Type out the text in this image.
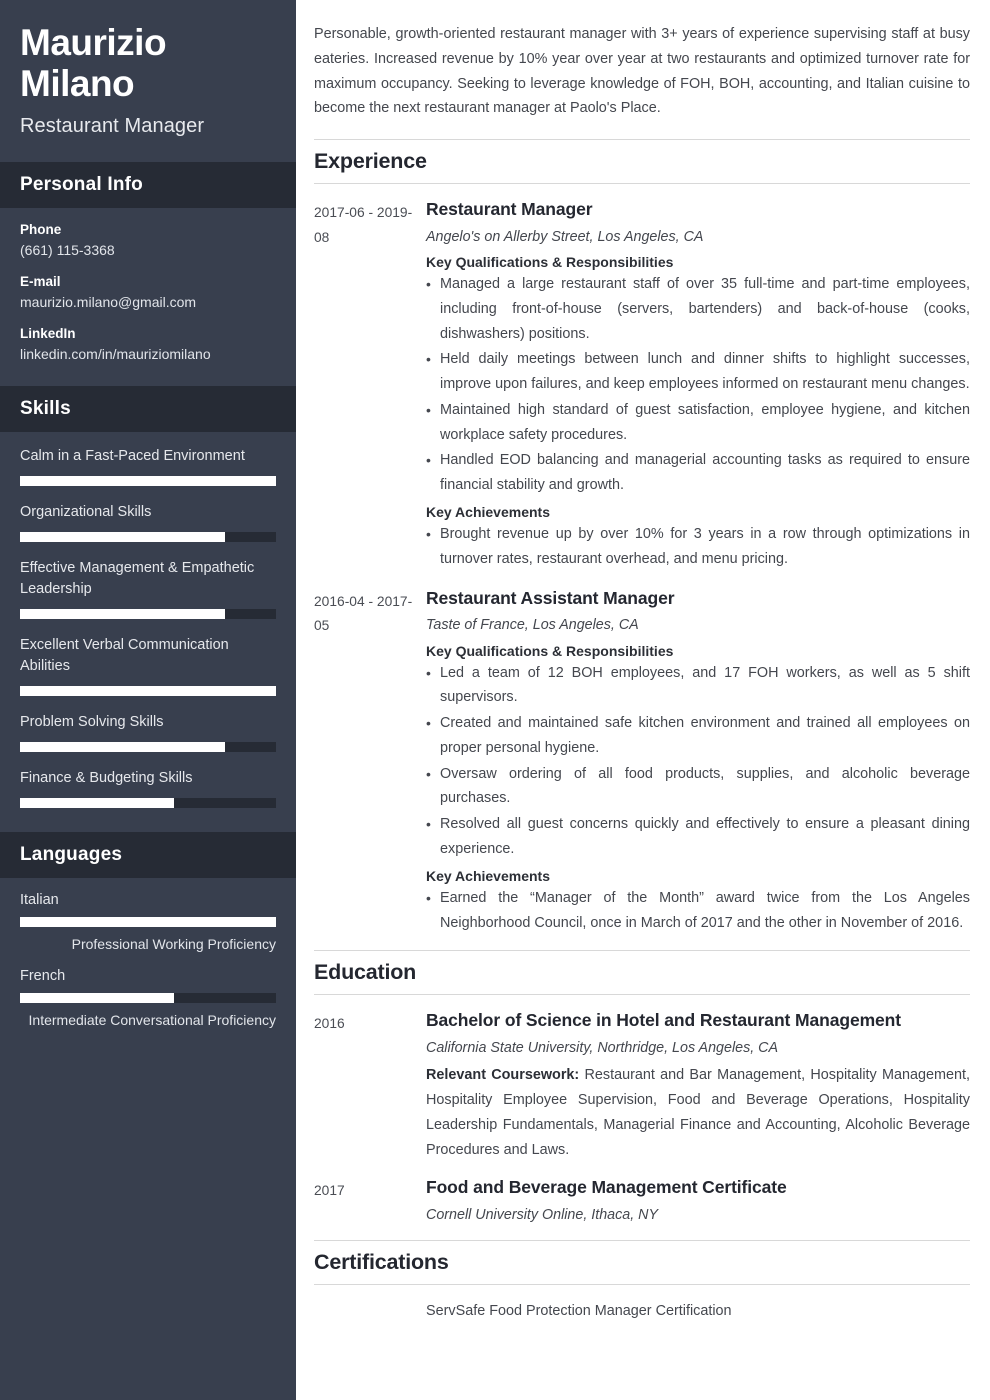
Maurizio Milano
Restaurant Manager
Personal Info
Phone
(661) 115-3368
E-mail
maurizio.milano@gmail.com
LinkedIn
linkedin.com/in/mauriziomilano
Skills
Calm in a Fast-Paced Environment
Organizational Skills
Effective Management & Empathetic Leadership
Excellent Verbal Communication Abilities
Problem Solving Skills
Finance & Budgeting Skills
Languages
Italian
Professional Working Proficiency
French
Intermediate Conversational Proficiency

Personable, growth-oriented restaurant manager with 3+ years of experience supervising staff at busy eateries. Increased revenue by 10% year over year at two restaurants and optimized turnover rate for maximum occupancy. Seeking to leverage knowledge of FOH, BOH, accounting, and Italian cuisine to become the next restaurant manager at Paolo's Place.

Experience
2017-06 - 2019-08
Restaurant Manager
Angelo's on Allerby Street, Los Angeles, CA
Key Qualifications & Responsibilities
• Managed a large restaurant staff of over 35 full-time and part-time employees, including front-of-house (servers, bartenders) and back-of-house (cooks, dishwashers) positions.
• Held daily meetings between lunch and dinner shifts to highlight successes, improve upon failures, and keep employees informed on restaurant menu changes.
• Maintained high standard of guest satisfaction, employee hygiene, and kitchen workplace safety procedures.
• Handled EOD balancing and managerial accounting tasks as required to ensure financial stability and growth.
Key Achievements
• Brought revenue up by over 10% for 3 years in a row through optimizations in turnover rates, restaurant overhead, and menu pricing.
2016-04 - 2017-05
Restaurant Assistant Manager
Taste of France, Los Angeles, CA
Key Qualifications & Responsibilities
• Led a team of 12 BOH employees, and 17 FOH workers, as well as 5 shift supervisors.
• Created and maintained safe kitchen environment and trained all employees on proper personal hygiene.
• Oversaw ordering of all food products, supplies, and alcoholic beverage purchases.
• Resolved all guest concerns quickly and effectively to ensure a pleasant dining experience.
Key Achievements
• Earned the “Manager of the Month” award twice from the Los Angeles Neighborhood Council, once in March of 2017 and the other in November of 2016.
Education
2016	Bachelor of Science in Hotel and Restaurant Management
California State University, Northridge, Los Angeles, CA

Relevant Coursework: Restaurant and Bar Management, Hospitality Management, Hospitality Employee Supervision, Food and Beverage Operations, Hospitality Leadership Fundamentals, Managerial Finance and Accounting, Alcoholic Beverage Procedures and Laws.

2017	Food and Beverage Management Certificate
Cornell University Online, Ithaca, NY
Certifications
ServSafe Food Protection Manager Certification
